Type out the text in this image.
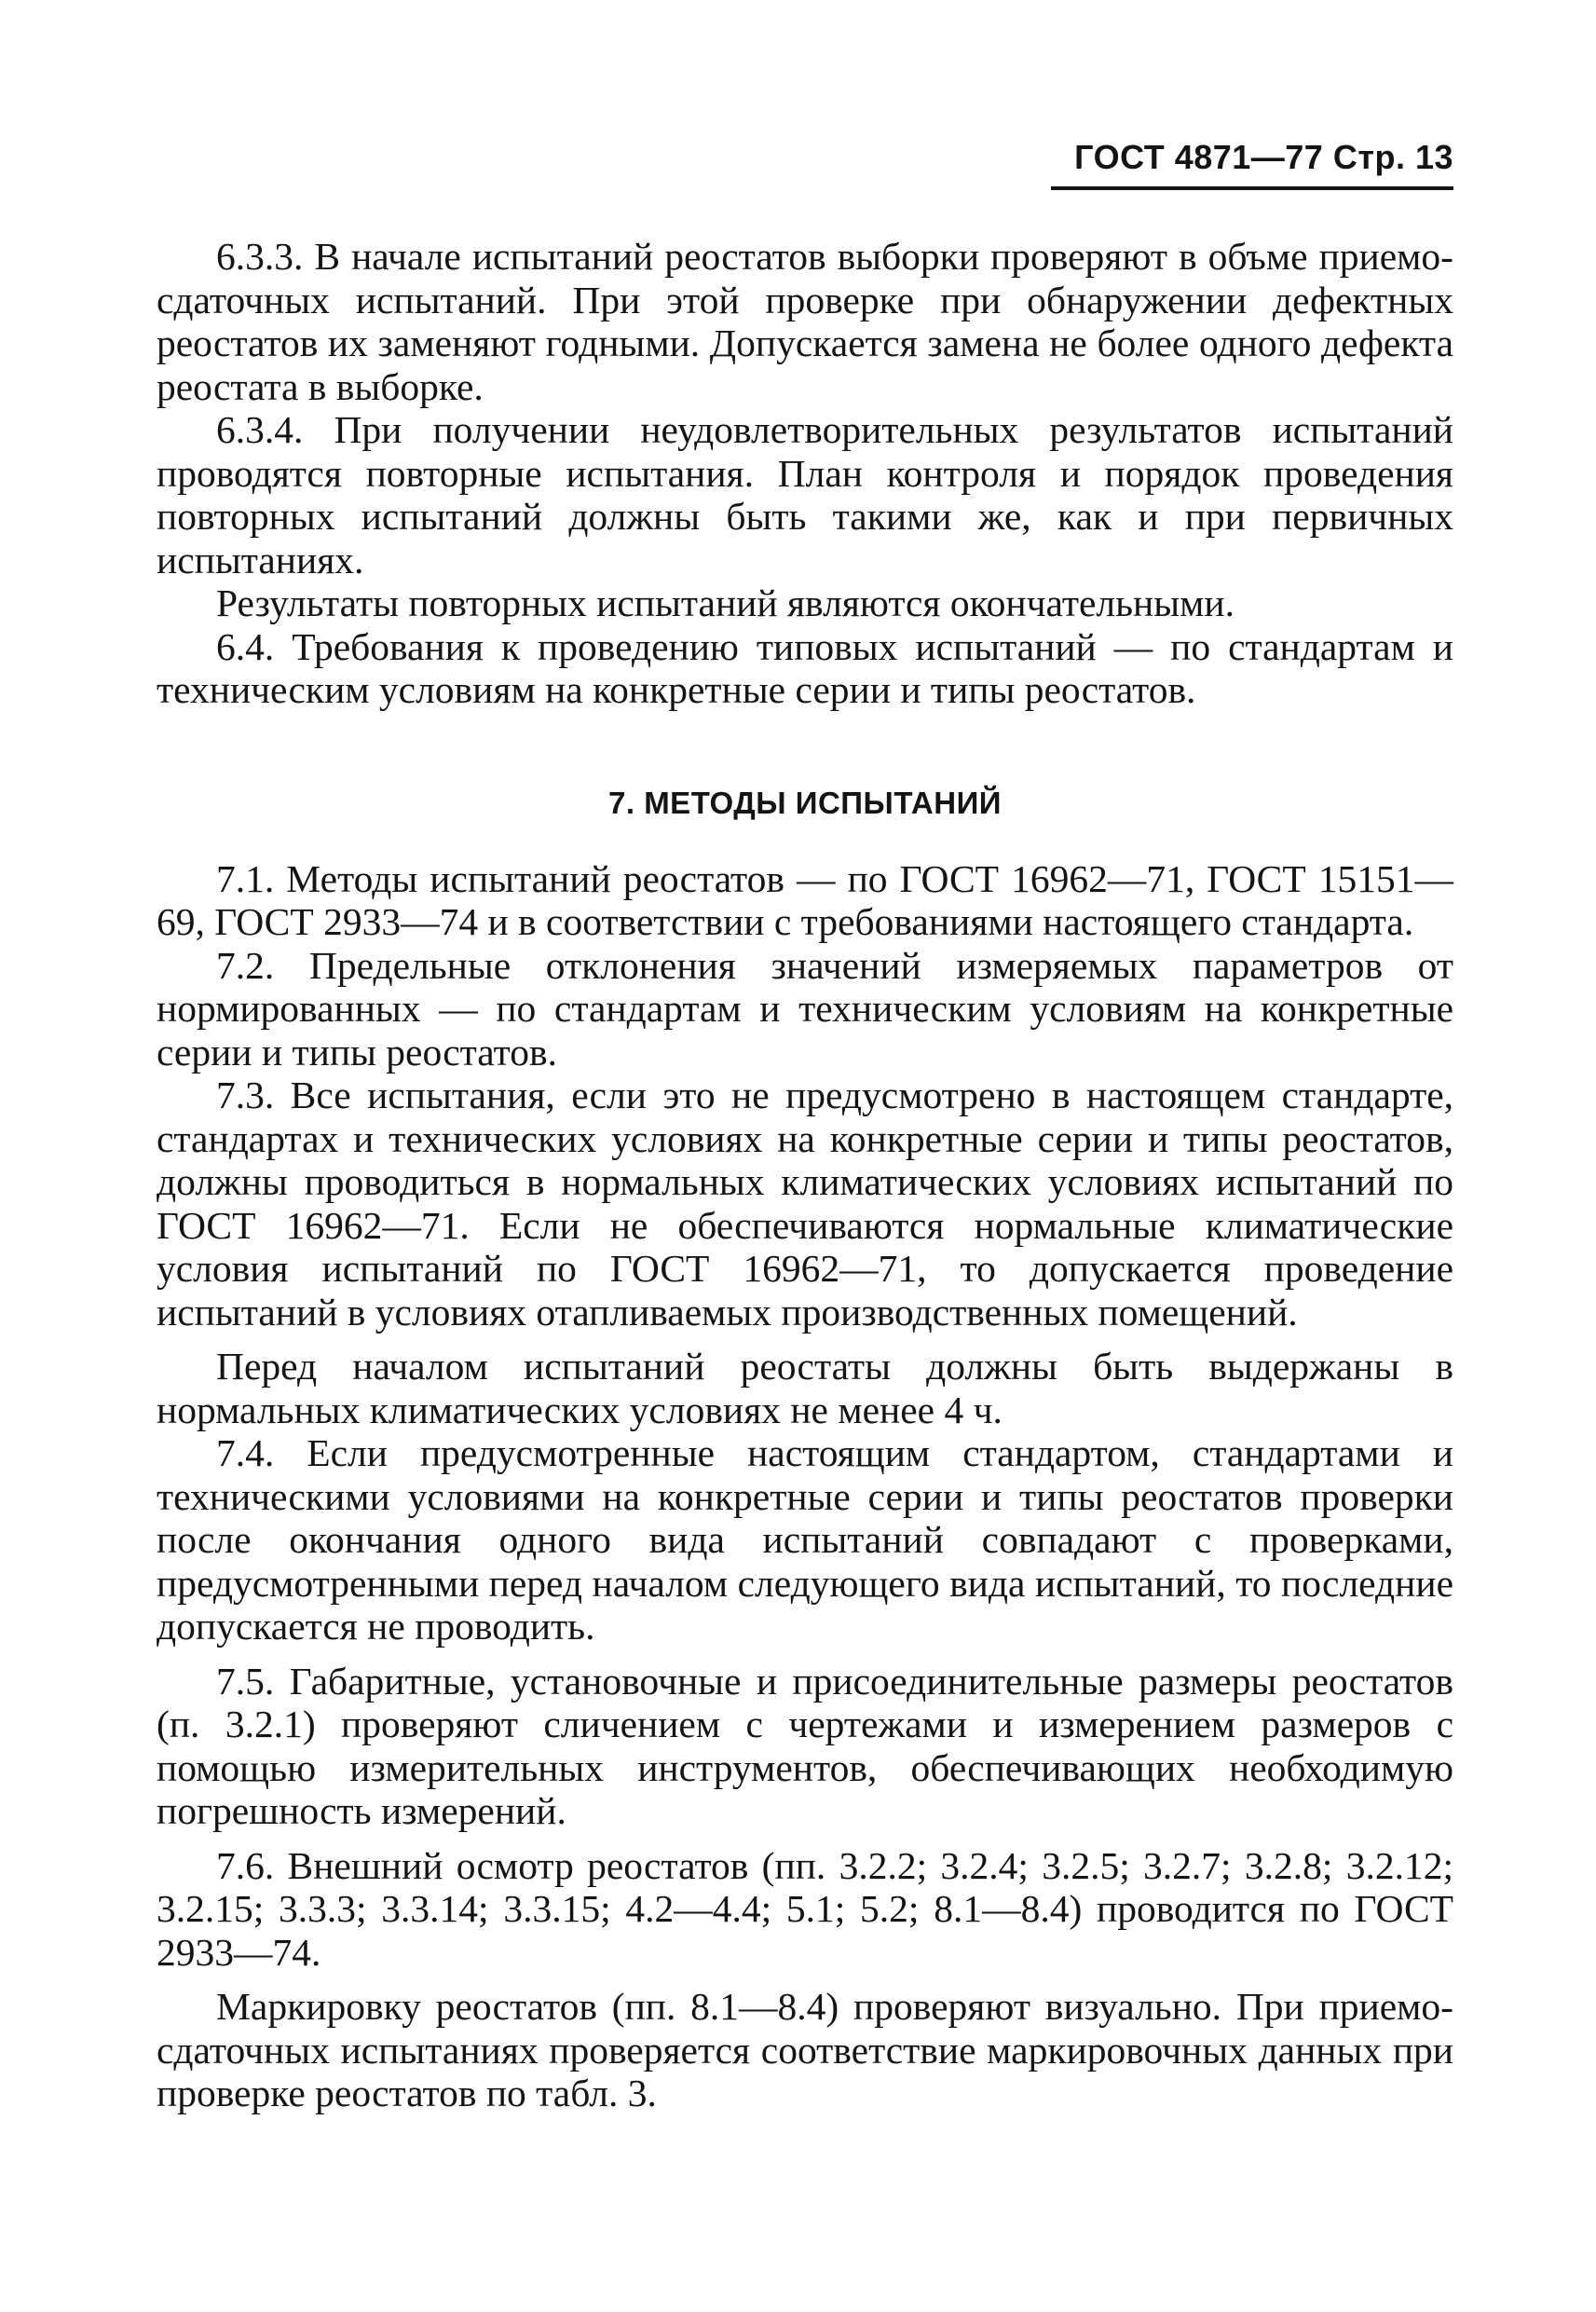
ГОСТ 4871—77 Стр. 13

6.3.3. В начале испытаний реостатов выборки проверяют в объме приемо-сдаточных испытаний. При этой проверке при обнаружении дефектных реостатов их заменяют годными. Допускается замена не более одного дефекта реостата в выборке.

6.3.4. При получении неудовлетворительных результатов испытаний проводятся повторные испытания. План контроля и порядок проведения повторных испытаний должны быть такими же, как и при первичных испытаниях.

Результаты повторных испытаний являются окончательными.

6.4. Требования к проведению типовых испытаний — по стандартам и техническим условиям на конкретные серии и типы реостатов.

7. МЕТОДЫ ИСПЫТАНИЙ

7.1. Методы испытаний реостатов — по ГОСТ 16962—71, ГОСТ 15151—69, ГОСТ 2933—74 и в соответствии с требованиями настоящего стандарта.

7.2. Предельные отклонения значений измеряемых параметров от нормированных — по стандартам и техническим условиям на конкретные серии и типы реостатов.

7.3. Все испытания, если это не предусмотрено в настоящем стандарте, стандартах и технических условиях на конкретные серии и типы реостатов, должны проводиться в нормальных климатических условиях испытаний по ГОСТ 16962—71. Если не обеспечиваются нормальные климатические условия испытаний по ГОСТ 16962—71, то допускается проведение испытаний в условиях отапливаемых производственных помещений.

Перед началом испытаний реостаты должны быть выдержаны в нормальных климатических условиях не менее 4 ч.

7.4. Если предусмотренные настоящим стандартом, стандартами и техническими условиями на конкретные серии и типы реостатов проверки после окончания одного вида испытаний совпадают с проверками, предусмотренными перед началом следующего вида испытаний, то последние допускается не проводить.

7.5. Габаритные, установочные и присоединительные размеры реостатов (п. 3.2.1) проверяют сличением с чертежами и измерением размеров с помощью измерительных инструментов, обеспечивающих необходимую погрешность измерений.

7.6. Внешний осмотр реостатов (пп. 3.2.2; 3.2.4; 3.2.5; 3.2.7; 3.2.8; 3.2.12; 3.2.15; 3.3.3; 3.3.14; 3.3.15; 4.2—4.4; 5.1; 5.2; 8.1—8.4) проводится по ГОСТ 2933—74.

Маркировку реостатов (пп. 8.1—8.4) проверяют визуально. При приемо-сдаточных испытаниях проверяется соответствие маркировочных данных при проверке реостатов по табл. 3.
